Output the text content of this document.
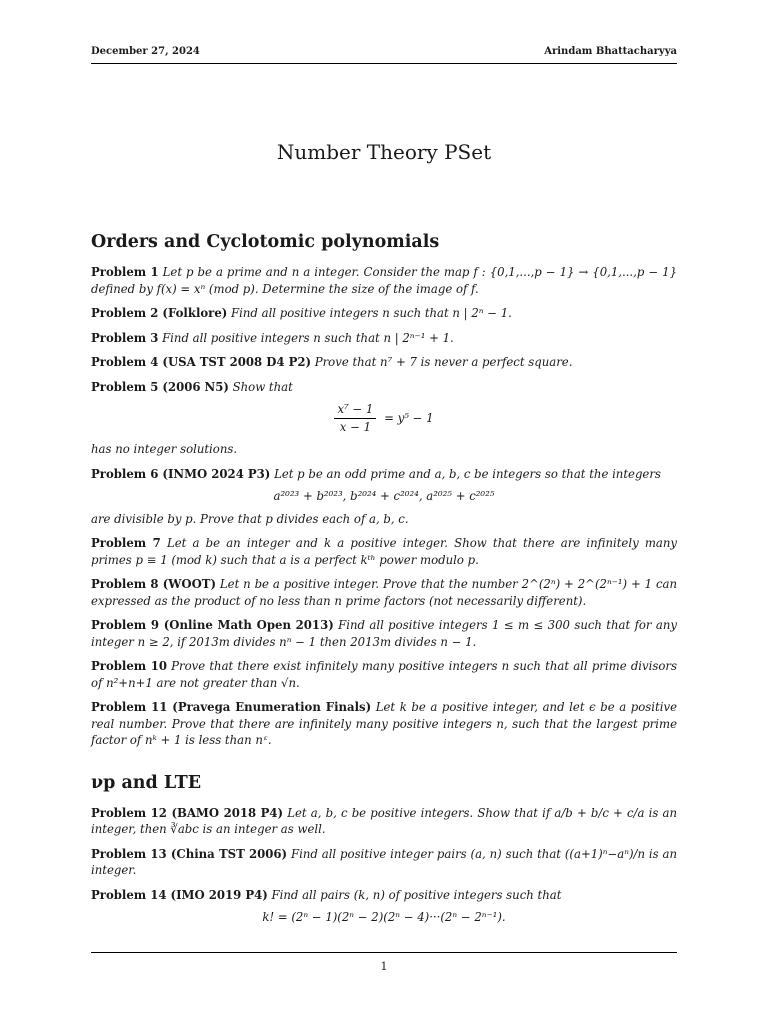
December 27, 2024	Arindam Bhattacharyya
Number Theory PSet
Orders and Cyclotomic polynomials

Problem 1 Let p be a prime and n a integer. Consider the map f : {0,1,...,p − 1} → {0,1,...,p − 1} defined by f(x) = xⁿ (mod p). Determine the size of the image of f.

Problem 2 (Folklore) Find all positive integers n such that n | 2ⁿ − 1.

Problem 3 Find all positive integers n such that n | 2ⁿ⁻¹ + 1.

Problem 4 (USA TST 2008 D4 P2) Prove that n⁷ + 7 is never a perfect square.

Problem 5 (2006 N5) Show that
$\frac{\text{x⁷ − 1}}{x - 1} = y^5 - 1$
has no integer solutions.
Problem 6 (INMO 2024 P3) Let p be an odd prime and a, b, c be integers so that the integers
a²⁰²³ + b²⁰²³, b²⁰²⁴ + c²⁰²⁴, a²⁰²⁵ + c²⁰²⁵
are divisible by p. Prove that p divides each of a, b, c.

Problem 7 Let a be an integer and k a positive integer. Show that there are infinitely many primes p ≡ 1 (mod k) such that a is a perfect kᵗʰ power modulo p.

Problem 8 (WOOT) Let n be a positive integer. Prove that the number 2^(2ⁿ) + 2^(2ⁿ⁻¹) + 1 can expressed as the product of no less than n prime factors (not necessarily different).

Problem 9 (Online Math Open 2013) Find all positive integers 1 ≤ m ≤ 300 such that for any integer n ≥ 2, if 2013m divides nⁿ − 1 then 2013m divides n − 1.

Problem 10 Prove that there exist infinitely many positive integers n such that all prime divisors of n²+n+1 are not greater than √n.

Problem 11 (Pravega Enumeration Finals) Let k be a positive integer, and let ϵ be a positive real number. Prove that there are infinitely many positive integers n, such that the largest prime factor of nᵏ + 1 is less than nᵋ.

νp and LTE

Problem 12 (BAMO 2018 P4) Let a, b, c be positive integers. Show that if a/b + b/c + c/a is an integer, then ∛abc is an integer as well.

Problem 13 (China TST 2006) Find all positive integer pairs (a, n) such that ((a+1)ⁿ−aⁿ)/n is an integer.

Problem 14 (IMO 2019 P4) Find all pairs (k, n) of positive integers such that
k! = (2ⁿ − 1)(2ⁿ − 2)(2ⁿ − 4)···(2ⁿ − 2ⁿ⁻¹).
1
